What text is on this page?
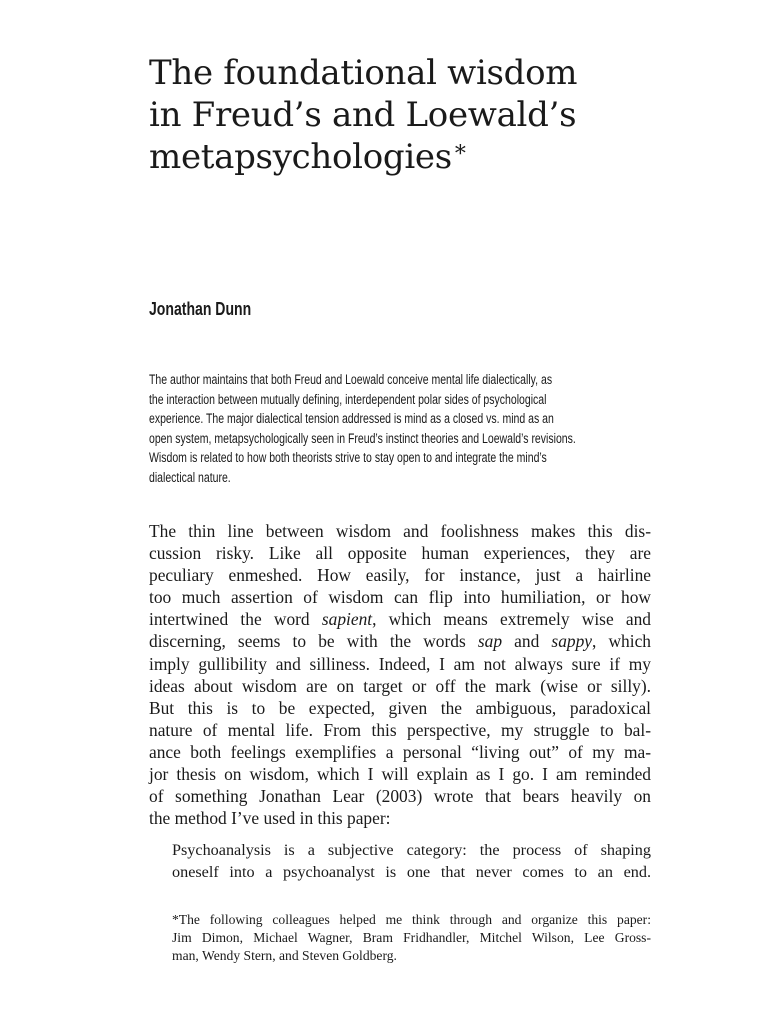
The foundational wisdom
in Freud’s and Loewald’s
metapsychologies *

Jonathan Dunn

The author maintains that both Freud and Loewald conceive mental life dialectically, as
the interaction between mutually defining, interdependent polar sides of psychological
experience. The major dialectical tension addressed is mind as a closed vs. mind as an
open system, metapsychologically seen in Freud’s instinct theories and Loewald’s revisions.
Wisdom is related to how both theorists strive to stay open to and integrate the mind’s
dialectical nature.
The thin line between wisdom and foolishness makes this dis-
cussion risky. Like all opposite human experiences, they are
peculiary enmeshed. How easily, for instance, just a hairline
too much assertion of wisdom can flip into humiliation, or how
intertwined the word sapient, which means extremely wise and
discerning, seems to be with the words sap and sappy, which
imply gullibility and silliness. Indeed, I am not always sure if my
ideas about wisdom are on target or off the mark (wise or silly).
But this is to be expected, given the ambiguous, paradoxical
nature of mental life. From this perspective, my struggle to bal-
ance both feelings exemplifies a personal “living out” of my ma-
jor thesis on wisdom, which I will explain as I go. I am reminded
of something Jonathan Lear (2003) wrote that bears heavily on
the method I’ve used in this paper:
Psychoanalysis is a subjective category: the process of shaping
oneself into a psychoanalyst is one that never comes to an end.
*The following colleagues helped me think through and organize this paper:
Jim Dimon, Michael Wagner, Bram Fridhandler, Mitchel Wilson, Lee Gross-
man, Wendy Stern, and Steven Goldberg.
